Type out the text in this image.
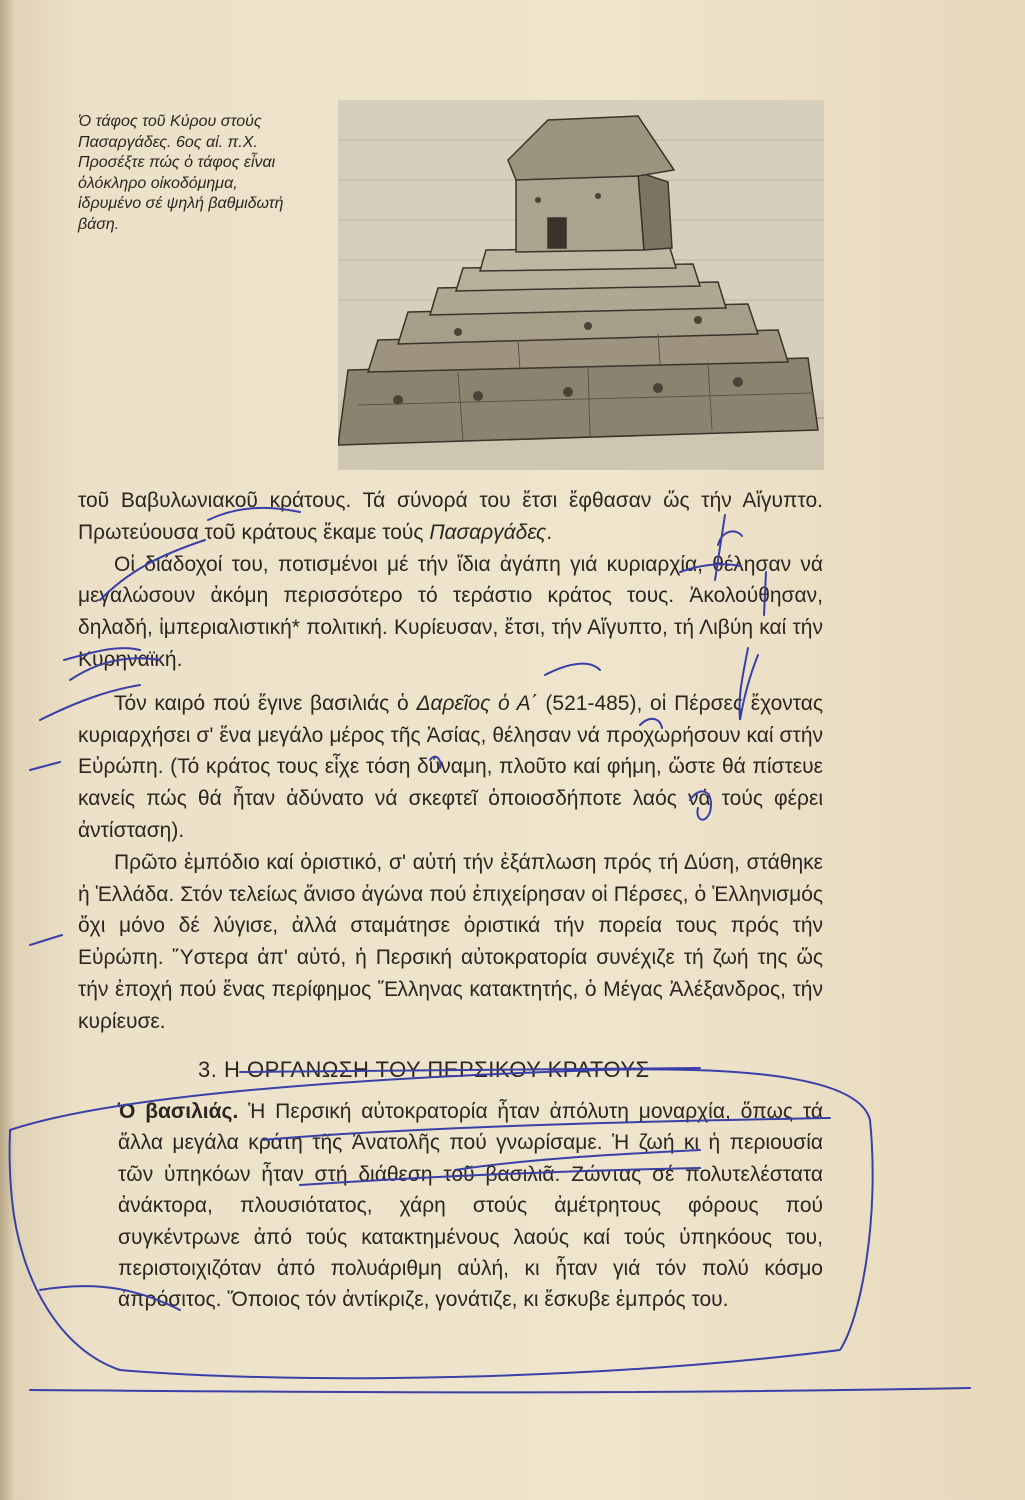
Ὁ τάφος τοῦ Κύρου στούς Πασαργάδες. 6ος αἰ. π.Χ. Προσέξτε πώς ὁ τάφος εἶναι ὁλόκληρο οἰκοδόμημα, ἱδρυμένο σέ ψηλή βαθμιδωτή βάση.

τοῦ Βαβυλωνιακοῦ κράτους. Τά σύνορά του ἔτσι ἔφθασαν ὥς τήν Αἴγυπτο. Πρωτεύουσα τοῦ κράτους ἔκαμε τούς Πασαργάδες.

Οἱ διάδοχοί του, ποτισμένοι μέ τήν ἴδια ἀγάπη γιά κυριαρχία, θέλησαν νά μεγαλώσουν ἀκόμη περισσότερο τό τεράστιο κράτος τους. Ἀκολούθησαν, δηλαδή, ἰμπεριαλιστική* πολιτική. Κυρίευσαν, ἔτσι, τήν Αἴγυπτο, τή Λιβύη καί τήν Κυρηναϊκή.

Τόν καιρό πού ἔγινε βασιλιάς ὁ Δαρεῖος ὁ Α΄ (521-485), οἱ Πέρσες ἔχοντας κυριαρχήσει σ' ἕνα μεγάλο μέρος τῆς Ἀσίας, θέλησαν νά προχωρήσουν καί στήν Εὐρώπη. (Τό κράτος τους εἶχε τόση δύναμη, πλοῦτο καί φήμη, ὥστε θά πίστευε κανείς πώς θά ἦταν ἀδύνατο νά σκεφτεῖ ὁποιοσδήποτε λαός νά τούς φέρει ἀντίσταση).

Πρῶτο ἐμπόδιο καί ὁριστικό, σ' αὐτή τήν ἐξάπλωση πρός τή Δύση, στάθηκε ἡ Ἑλλάδα. Στόν τελείως ἄνισο ἀγώνα πού ἐπιχείρησαν οἱ Πέρσες, ὁ Ἑλληνισμός ὄχι μόνο δέ λύγισε, ἀλλά σταμάτησε ὁριστικά τήν πορεία τους πρός τήν Εὐρώπη. Ὕστερα ἀπ' αὐτό, ἡ Περσική αὐτοκρατορία συνέχιζε τή ζωή της ὥς τήν ἐποχή πού ἕνας περίφημος Ἕλληνας κατακτητής, ὁ Μέγας Ἀλέξανδρος, τήν κυρίευσε.

3. Η ΟΡΓΑΝΩΣΗ ΤΟΥ ΠΕΡΣΙΚΟΥ ΚΡΑΤΟΥΣ
Ὁ βασιλιάς. Ἡ Περσική αὐτοκρατορία ἦταν ἀπόλυτη μοναρχία, ὅπως τά ἄλλα μεγάλα κράτη τῆς Ἀνατολῆς πού γνωρίσαμε. Ἡ ζωή κι ἡ περιουσία τῶν ὑπηκόων ἦταν στή διάθεση τοῦ βασιλιᾶ. Ζώντας σέ πολυτελέστατα ἀνάκτορα, πλουσιότατος, χάρη στούς ἀμέτρητους φόρους πού συγκέντρωνε ἀπό τούς κατακτημένους λαούς καί τούς ὑπηκόους του, περιστοιχιζόταν ἀπό πολυάριθμη αὐλή, κι ἦταν γιά τόν πολύ κόσμο ἀπρόσιτος. Ὅποιος τόν ἀντίκριζε, γονάτιζε, κι ἔσκυβε ἐμπρός του.
